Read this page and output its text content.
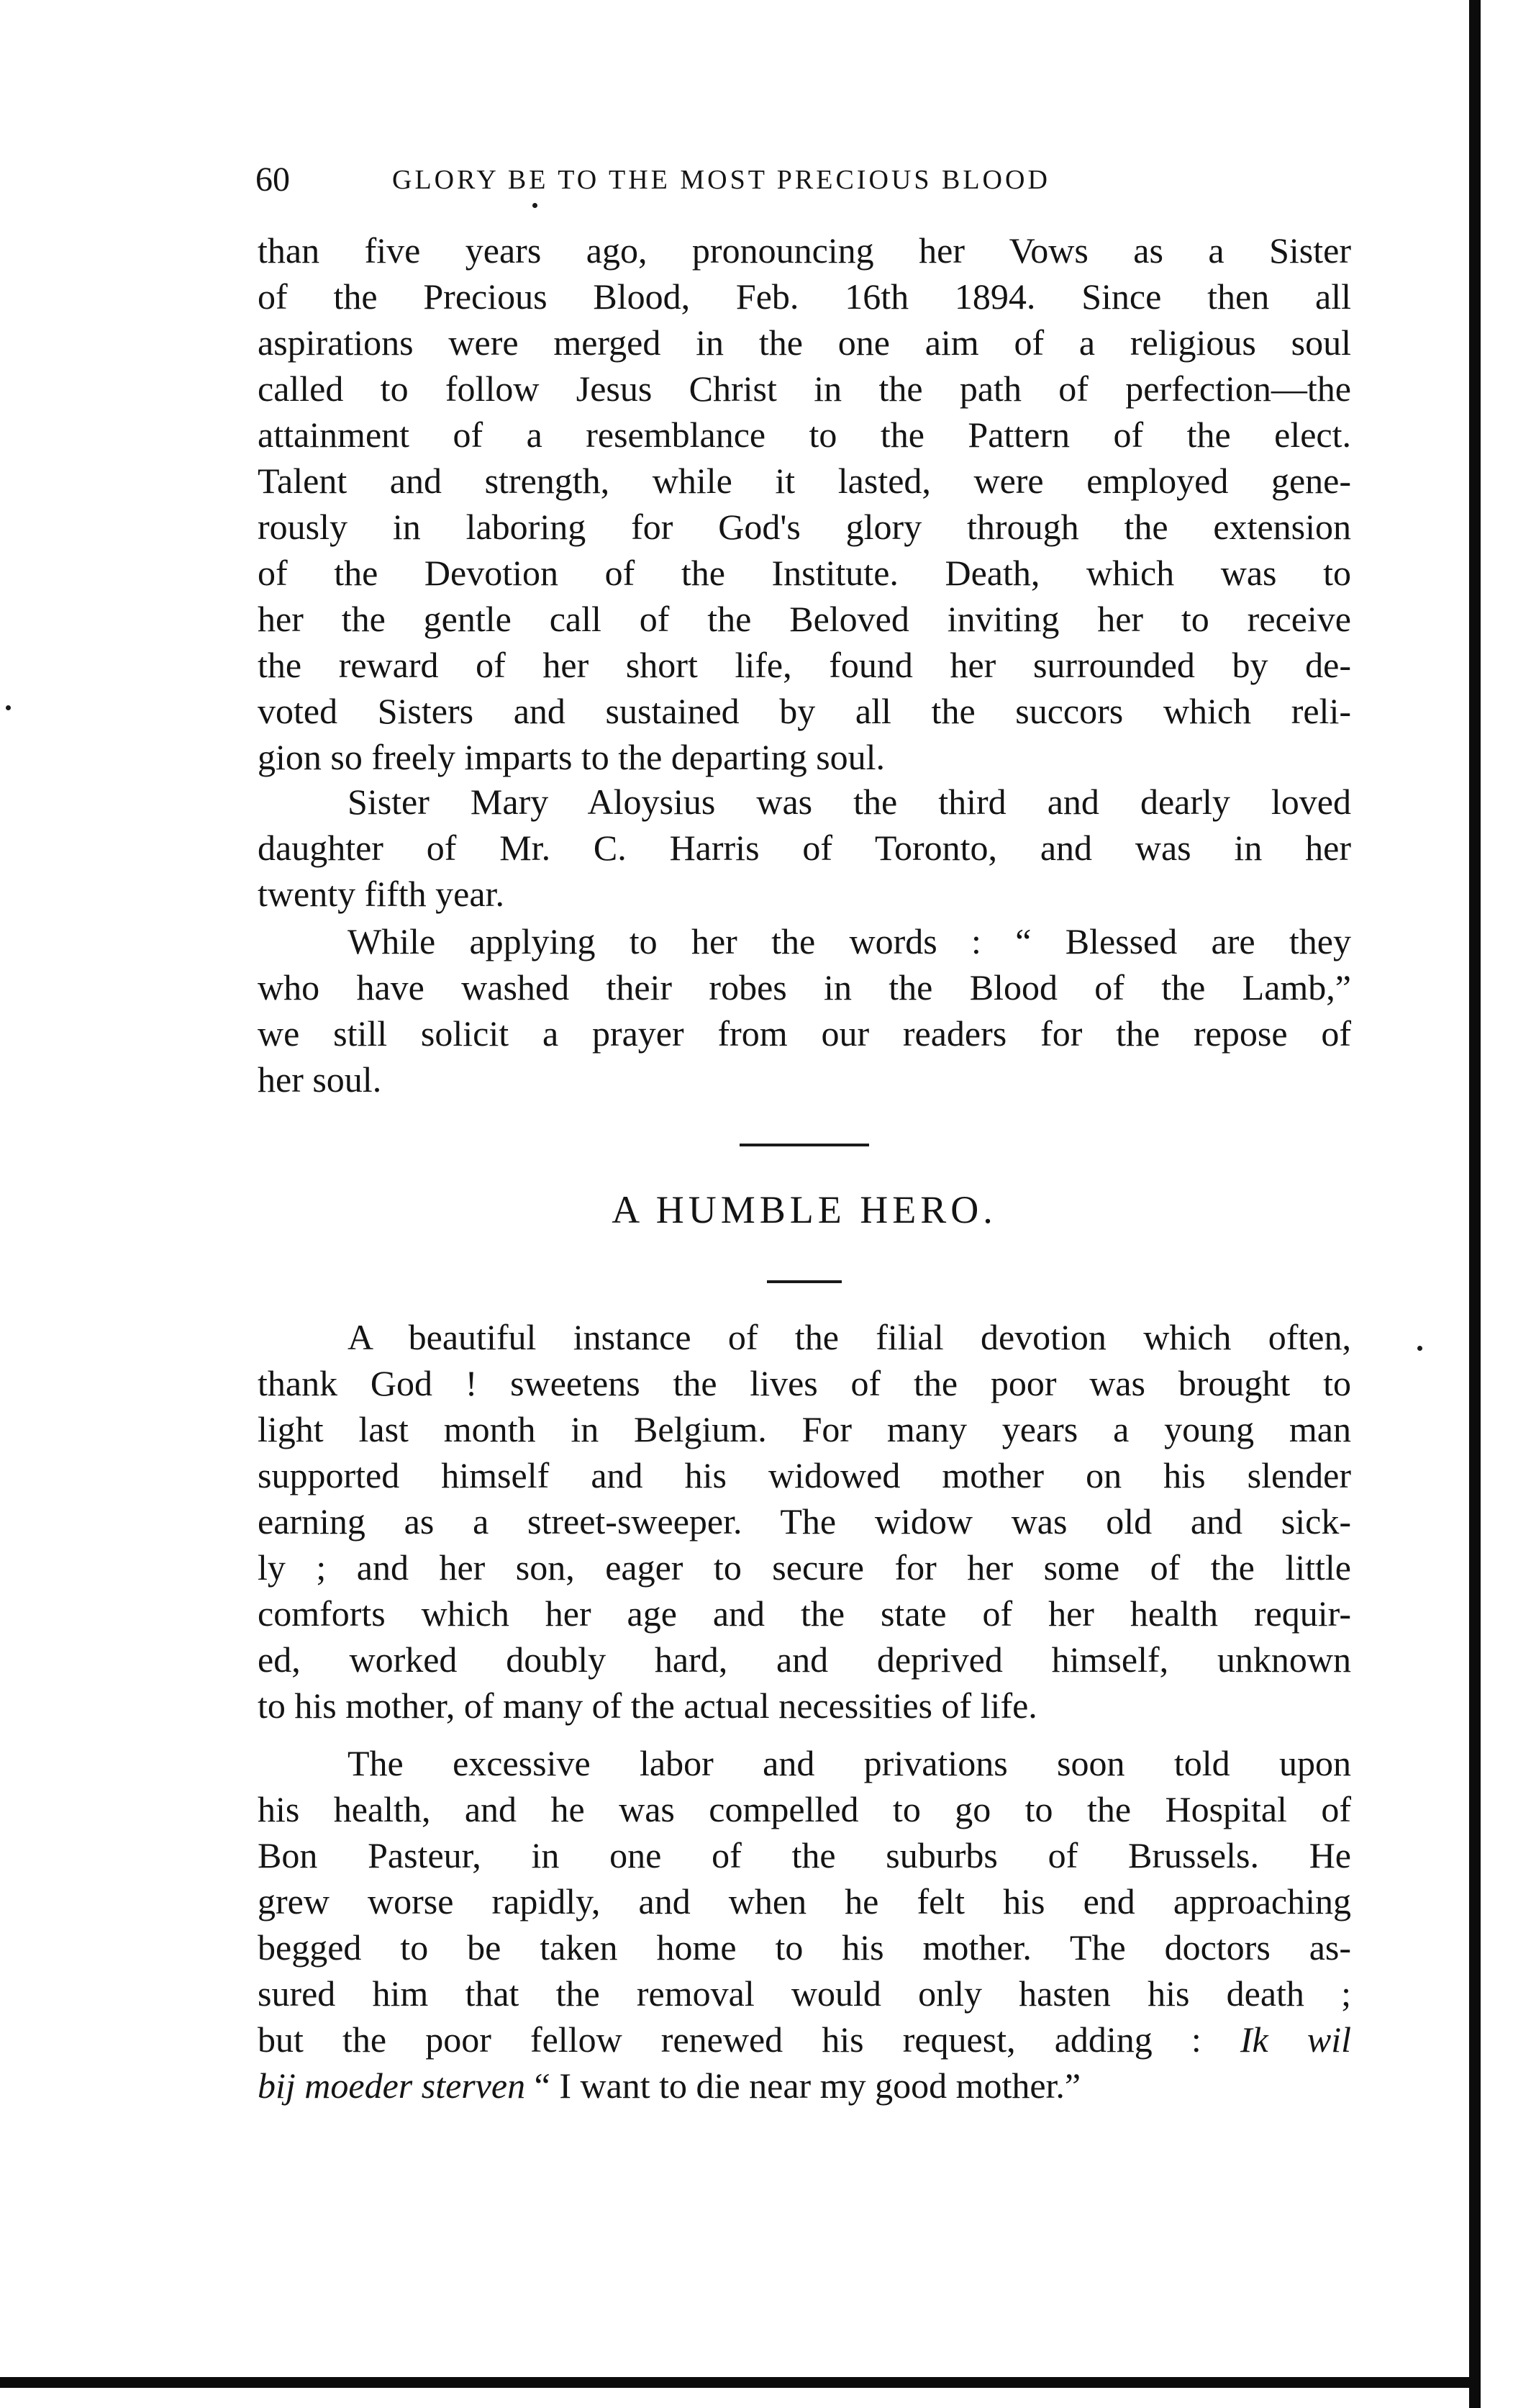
60	GLORY BE TO THE MOST PRECIOUS BLOOD
than five years ago, pronouncing her Vows as a Sister
of the Precious Blood, Feb. 16th 1894. Since then all
aspirations were merged in the one aim of a religious soul
called to follow Jesus Christ in the path of perfection—the
attainment of a resemblance to the Pattern of the elect.
Talent and strength, while it lasted, were employed gene-
rously in laboring for God's glory through the extension
of the Devotion of the Institute. Death, which was to
her the gentle call of the Beloved inviting her to receive
the reward of her short life, found her surrounded by de-
voted Sisters and sustained by all the succors which reli-
gion so freely imparts to the departing soul.
Sister Mary Aloysius was the third and dearly loved
daughter of Mr. C. Harris of Toronto, and was in her
twenty fifth year.
While applying to her the words : “ Blessed are they
who have washed their robes in the Blood of the Lamb,”
we still solicit a prayer from our readers for the repose of
her soul.
A HUMBLE HERO.
A beautiful instance of the filial devotion which often,
thank God ! sweetens the lives of the poor was brought to
light last month in Belgium. For many years a young man
supported himself and his widowed mother on his slender
earning as a street-sweeper. The widow was old and sick-
ly ; and her son, eager to secure for her some of the little
comforts which her age and the state of her health requir-
ed, worked doubly hard, and deprived himself, unknown
to his mother, of many of the actual necessities of life.
The excessive labor and privations soon told upon
his health, and he was compelled to go to the Hospital of
Bon Pasteur, in one of the suburbs of Brussels. He
grew worse rapidly, and when he felt his end approaching
begged to be taken home to his mother. The doctors as-
sured him that the removal would only hasten his death ;
but the poor fellow renewed his request, adding : Ik wil
bij moeder sterven “ I want to die near my good mother.”
